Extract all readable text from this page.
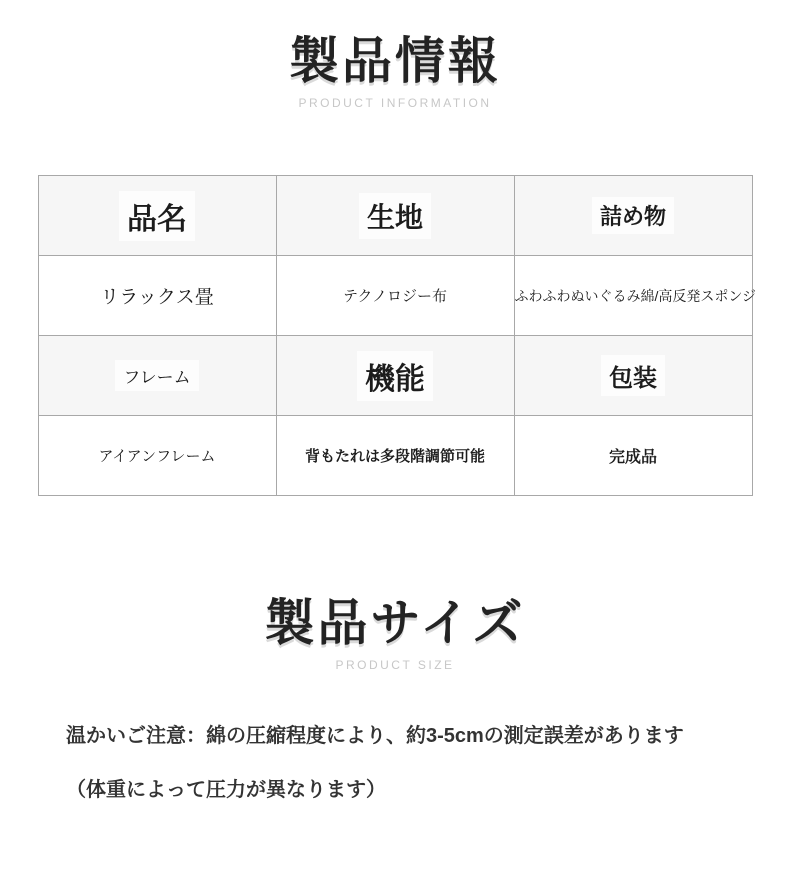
製品情報
PRODUCT INFORMATION
品名	生地	詰め物
リラックス畳	テクノロジー布	ふわふわぬいぐるみ綿/高反発スポンジ
フレーム	機能	包装
アイアンフレーム	背もたれは多段階調節可能	完成品
製品サイズ
PRODUCT SIZE

温かいご注意：綿の圧縮程度により、約3-5cmの測定誤差があります

（体重によって圧力が異なります）
